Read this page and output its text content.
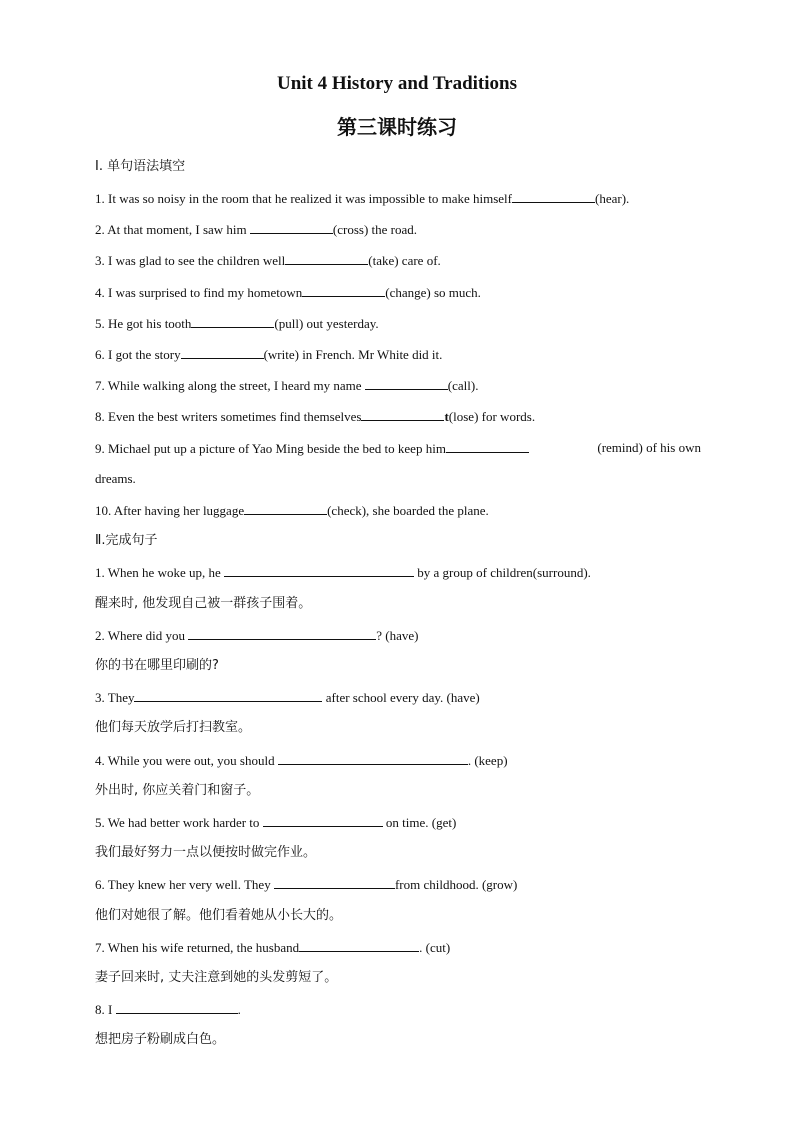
Unit 4 History and Traditions
第三课时练习
Ⅰ. 单句语法填空
1. It was so noisy in the room that he realized it was impossible to make himself	(hear).
2. At that moment, I saw him	(cross) the road.
3. I was glad to see the children well	(take) care of.
4. I was surprised to find my hometown	(change) so much.
5. He got his tooth	(pull) out yesterday.
6. I got the story	(write) in French. Mr White did it.
7. While walking along the street, I heard my name	(call).
8. Even the best writers sometimes find themselves	t(lose) for words.
9. Michael put up a picture of Yao Ming beside the bed to keep him	(remind) of his own
dreams.
10. After having her luggage	(check), she boarded the plane.
Ⅱ.完成句子
1. When he woke up, he	by a group of children(surround).
醒来时, 他发现自己被一群孩子围着。
2. Where did you	? (have)
你的书在哪里印刷的?
3. They	after school every day. (have)
他们每天放学后打扫教室。
4. While you were out, you should	. (keep)
外出时, 你应关着门和窗子。
5. We had better work harder to	on time. (get)
我们最好努力一点以便按时做完作业。
6. They knew her very well. They	from childhood. (grow)
他们对她很了解。他们看着她从小长大的。
7. When his wife returned, the husband	. (cut)
妻子回来时, 丈夫注意到她的头发剪短了。
8. I	.
想把房子粉刷成白色。
